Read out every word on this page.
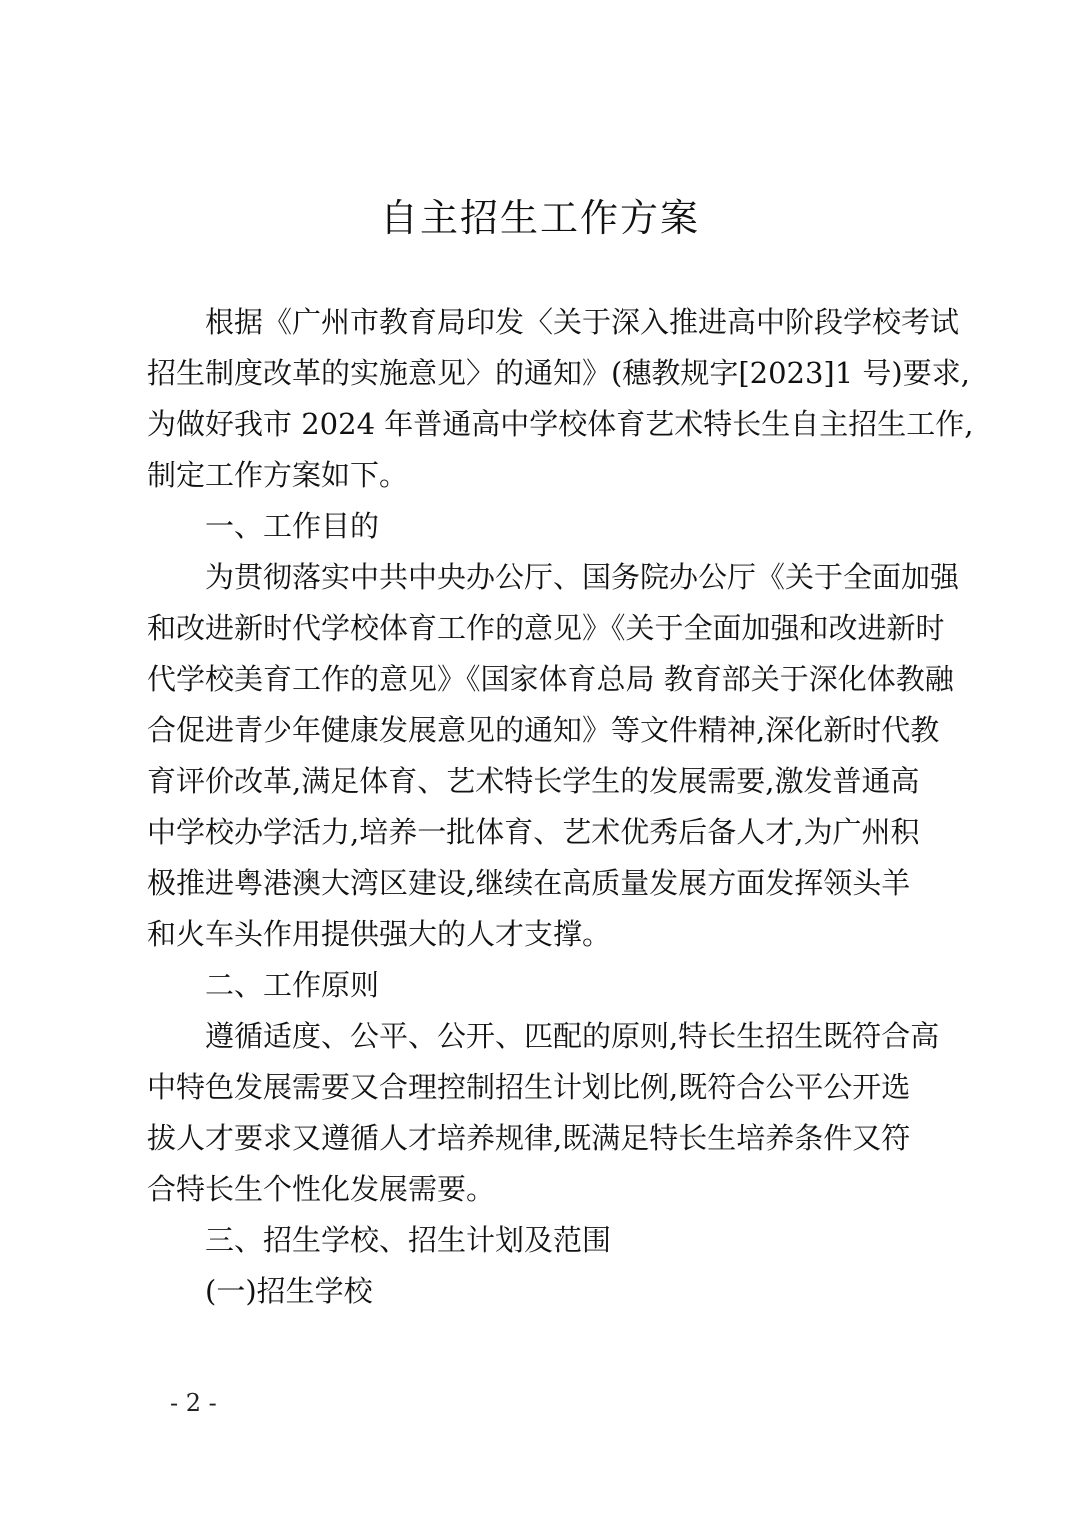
自主招生工作方案
根据《广州市教育局印发〈关于深入推进高中阶段学校考试
招生制度改革的实施意见〉的通知》(穗教规字[2023]1 号)要求,
为做好我市 2024 年普通高中学校体育艺术特长生自主招生工作,
制定工作方案如下。
一、工作目的
为贯彻落实中共中央办公厅、国务院办公厅《关于全面加强
和改进新时代学校体育工作的意见》《关于全面加强和改进新时
代学校美育工作的意见》《国家体育总局 教育部关于深化体教融
合促进青少年健康发展意见的通知》等文件精神,深化新时代教
育评价改革,满足体育、艺术特长学生的发展需要,激发普通高
中学校办学活力,培养一批体育、艺术优秀后备人才,为广州积
极推进粤港澳大湾区建设,继续在高质量发展方面发挥领头羊
和火车头作用提供强大的人才支撑。
二、工作原则
遵循适度、公平、公开、匹配的原则,特长生招生既符合高
中特色发展需要又合理控制招生计划比例,既符合公平公开选
拔人才要求又遵循人才培养规律,既满足特长生培养条件又符
合特长生个性化发展需要。
三、招生学校、招生计划及范围
(一)招生学校
- 2 -
